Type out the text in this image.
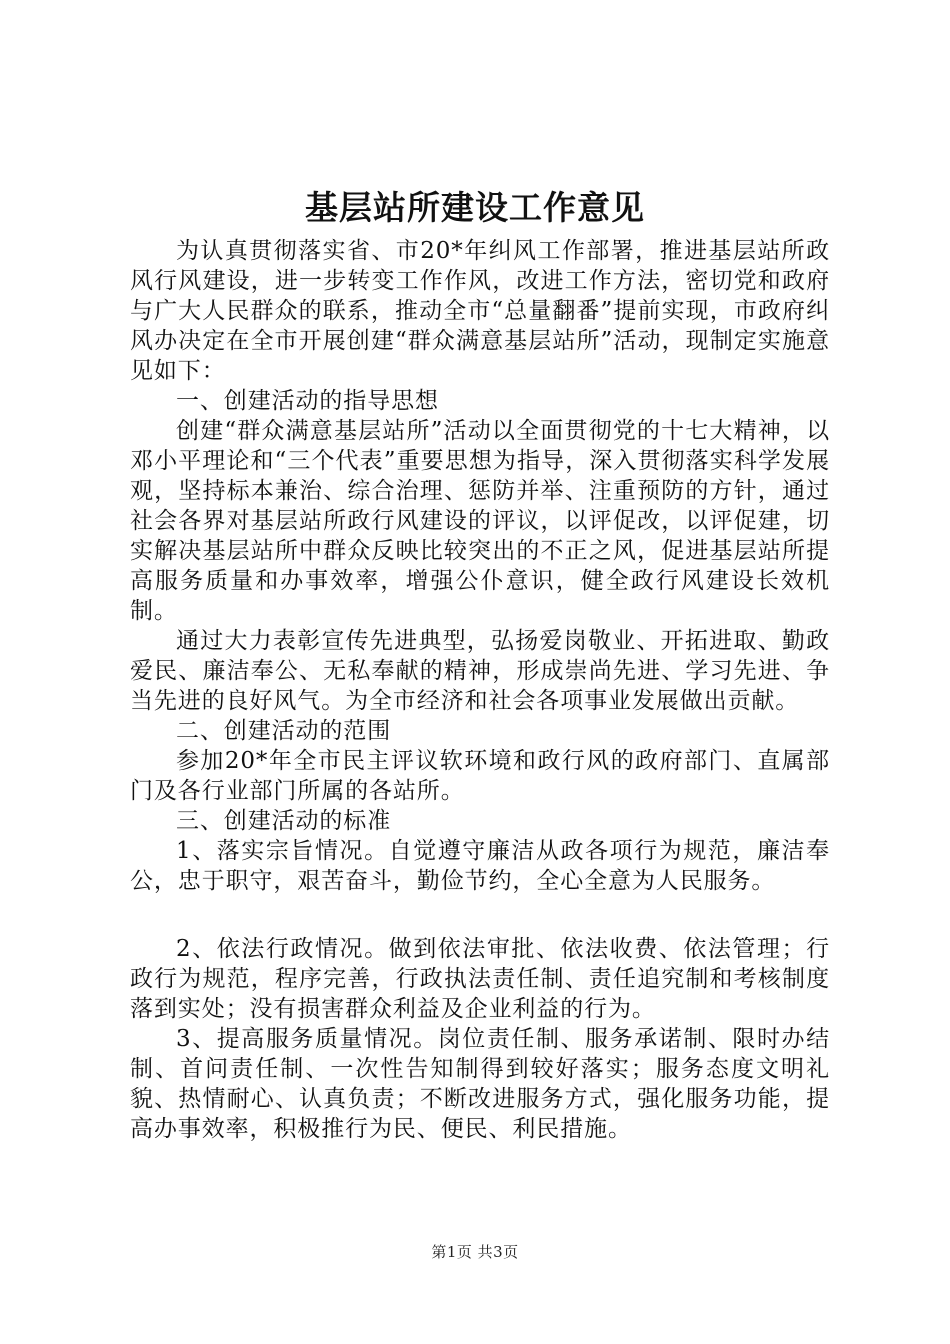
基层站所建设工作意见

为认真贯彻落实省、市20*年纠风工作部署，推进基层站所政风行风建设，进一步转变工作作风，改进工作方法，密切党和政府与广大人民群众的联系，推动全市“总量翻番”提前实现，市政府纠风办决定在全市开展创建“群众满意基层站所”活动，现制定实施意见如下：

一、创建活动的指导思想

创建“群众满意基层站所”活动以全面贯彻党的十七大精神，以邓小平理论和“三个代表”重要思想为指导，深入贯彻落实科学发展观，坚持标本兼治、综合治理、惩防并举、注重预防的方针，通过社会各界对基层站所政行风建设的评议，以评促改，以评促建，切实解决基层站所中群众反映比较突出的不正之风，促进基层站所提高服务质量和办事效率，增强公仆意识，健全政行风建设长效机制。

通过大力表彰宣传先进典型，弘扬爱岗敬业、开拓进取、勤政爱民、廉洁奉公、无私奉献的精神，形成崇尚先进、学习先进、争当先进的良好风气。为全市经济和社会各项事业发展做出贡献。

二、创建活动的范围

参加20*年全市民主评议软环境和政行风的政府部门、直属部门及各行业部门所属的各站所。

三、创建活动的标准

1、落实宗旨情况。自觉遵守廉洁从政各项行为规范，廉洁奉公，忠于职守，艰苦奋斗，勤俭节约，全心全意为人民服务。

2、依法行政情况。做到依法审批、依法收费、依法管理；行政行为规范，程序完善，行政执法责任制、责任追究制和考核制度落到实处；没有损害群众利益及企业利益的行为。

3、提高服务质量情况。岗位责任制、服务承诺制、限时办结制、首问责任制、一次性告知制得到较好落实；服务态度文明礼貌、热情耐心、认真负责；不断改进服务方式，强化服务功能，提高办事效率，积极推行为民、便民、利民措施。

第1页 共3页
